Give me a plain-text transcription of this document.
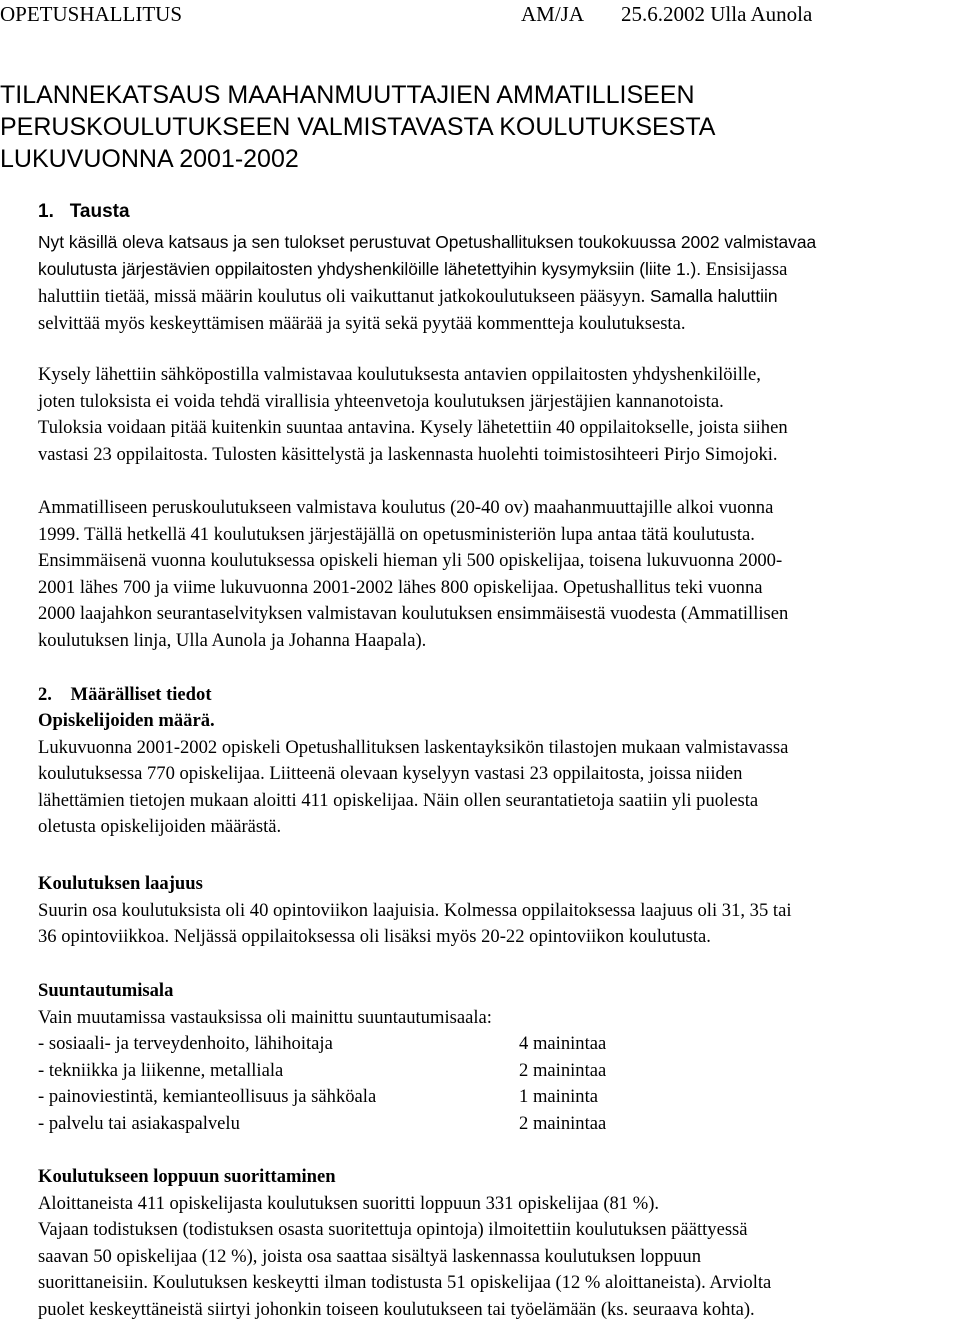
OPETUSHALLITUS	AM/JA 25.6.2002 Ulla Aunola
TILANNEKATSAUS MAAHANMUUTTAJIEN AMMATILLISEEN
PERUSKOULUTUKSEEN VALMISTAVASTA KOULUTUKSESTA
LUKUVUONNA 2001-2002
1. Tausta
Nyt käsillä oleva katsaus ja sen tulokset perustuvat Opetushallituksen toukokuussa 2002 valmistavaa
koulutusta järjestävien oppilaitosten yhdyshenkilöille lähetettyihin kysymyksiin (liite 1.). Ensisijassa
haluttiin tietää, missä määrin koulutus oli vaikuttanut jatkokoulutukseen pääsyyn. Samalla haluttiin
selvittää myös keskeyttämisen määrää ja syitä sekä pyytää kommentteja koulutuksesta.
Kysely lähettiin sähköpostilla valmistavaa koulutuksesta antavien oppilaitosten yhdyshenkilöille,
joten tuloksista ei voida tehdä virallisia yhteenvetoja koulutuksen järjestäjien kannanotoista.
Tuloksia voidaan pitää kuitenkin suuntaa antavina. Kysely lähetettiin 40 oppilaitokselle, joista siihen
vastasi 23 oppilaitosta. Tulosten käsittelystä ja laskennasta huolehti toimistosihteeri Pirjo Simojoki.
Ammatilliseen peruskoulutukseen valmistava koulutus (20-40 ov) maahanmuuttajille alkoi vuonna
1999. Tällä hetkellä 41 koulutuksen järjestäjällä on opetusministeriön lupa antaa tätä koulutusta.
Ensimmäisenä vuonna koulutuksessa opiskeli hieman yli 500 opiskelijaa, toisena lukuvuonna 2000-
2001 lähes 700 ja viime lukuvuonna 2001-2002 lähes 800 opiskelijaa. Opetushallitus teki vuonna
2000 laajahkon seurantaselvityksen valmistavan koulutuksen ensimmäisestä vuodesta (Ammatillisen
koulutuksen linja, Ulla Aunola ja Johanna Haapala).
2. Määrälliset tiedot
Opiskelijoiden määrä.
Lukuvuonna 2001-2002 opiskeli Opetushallituksen laskentayksikön tilastojen mukaan valmistavassa
koulutuksessa 770 opiskelijaa. Liitteenä olevaan kyselyyn vastasi 23 oppilaitosta, joissa niiden
lähettämien tietojen mukaan aloitti 411 opiskelijaa. Näin ollen seurantatietoja saatiin yli puolesta
oletusta opiskelijoiden määrästä.
Koulutuksen laajuus
Suurin osa koulutuksista oli 40 opintoviikon laajuisia. Kolmessa oppilaitoksessa laajuus oli 31, 35 tai
36 opintoviikkoa. Neljässä oppilaitoksessa oli lisäksi myös 20-22 opintoviikon koulutusta.
Suuntautumisala
Vain muutamissa vastauksissa oli mainittu suuntautumisaala:
- sosiaali- ja terveydenhoito, lähihoitaja	4 mainintaa
- tekniikka ja liikenne, metalliala	2 mainintaa
- painoviestintä, kemianteollisuus ja sähköala	1 maininta
- palvelu tai asiakaspalvelu	2 mainintaa
Koulutukseen loppuun suorittaminen
Aloittaneista 411 opiskelijasta koulutuksen suoritti loppuun 331 opiskelijaa (81 %).
Vajaan todistuksen (todistuksen osasta suoritettuja opintoja) ilmoitettiin koulutuksen päättyessä
saavan 50 opiskelijaa (12 %), joista osa saattaa sisältyä laskennassa koulutuksen loppuun
suorittaneisiin. Koulutuksen keskeytti ilman todistusta 51 opiskelijaa (12 % aloittaneista). Arviolta
puolet keskeyttäneistä siirtyi johonkin toiseen koulutukseen tai työelämään (ks. seuraava kohta).
